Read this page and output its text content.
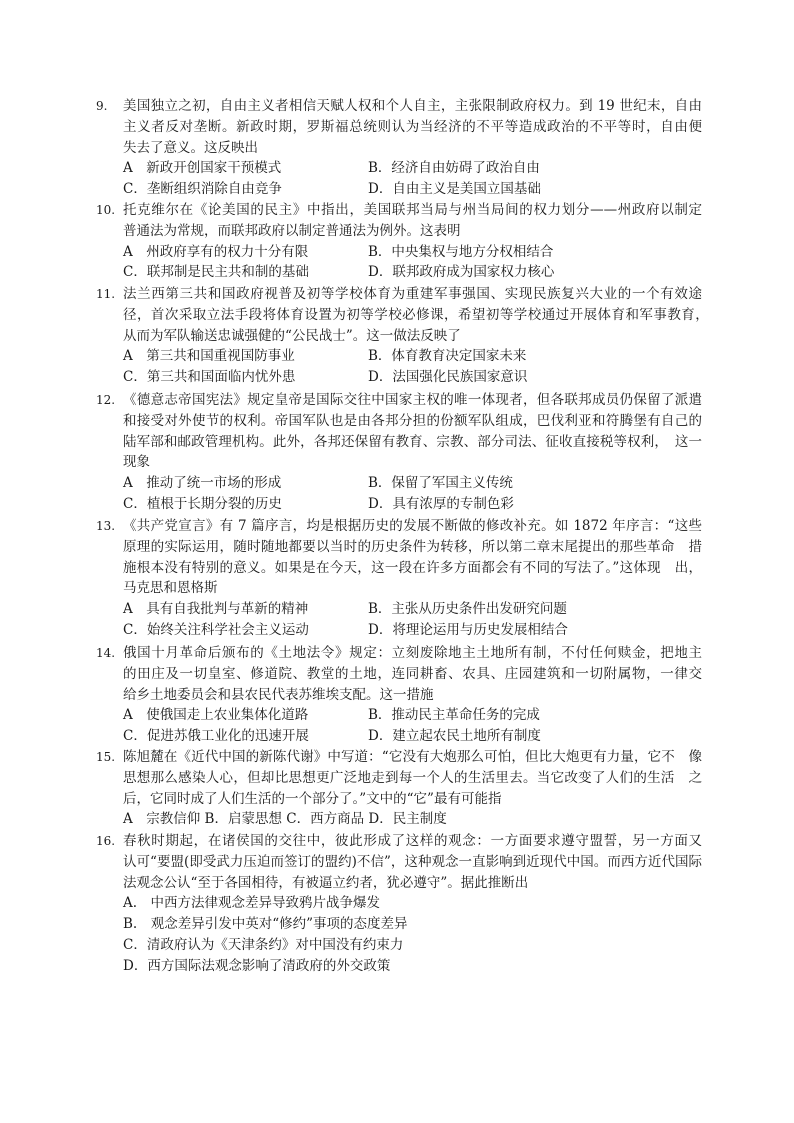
9.	美国独立之初，自由主义者相信天赋人权和个人自主，主张限制政府权力。到 19 世纪末，自由主义者反对垄断。新政时期，罗斯福总统则认为当经济的不平等造成政治的不平等时，自由便　失去了意义。这反映出
A　新政开创国家干预模式	B．经济自由妨碍了政治自由
C．垄断组织消除自由竞争	D．自由主义是美国立国基础
10. 托克维尔在《论美国的民主》中指出，美国联邦当局与州当局间的权力划分——州政府以制定　普通法为常规，而联邦政府以制定普通法为例外。这表明
A　州政府享有的权力十分有限	B．中央集权与地方分权相结合
C．联邦制是民主共和制的基础	D．联邦政府成为国家权力核心
11. 法兰西第三共和国政府视普及初等学校体育为重建军事强国、实现民族复兴大业的一个有效途径，首次采取立法手段将体育设置为初等学校必修课，希望初等学校通过开展体育和军事教育，　从而为军队输送忠诚强健的“公民战士”。这一做法反映了
A　第三共和国重视国防事业	B．体育教育决定国家未来
C．第三共和国面临内忧外患	D．法国强化民族国家意识
12. 《德意志帝国宪法》规定皇帝是国际交往中国家主权的唯一体现者，但各联邦成员仍保留了派遣和接受对外使节的权利。帝国军队也是由各邦分担的份额军队组成，巴伐利亚和符腾堡有自己的陆军部和邮政管理机构。此外，各邦还保留有教育、宗教、部分司法、征收直接税等权利，　这一现象
A　推动了统一市场的形成	B．保留了军国主义传统
C．植根于长期分裂的历史	D．具有浓厚的专制色彩
13. 《共产党宣言》有 7 篇序言，均是根据历史的发展不断做的修改补充。如 1872 年序言：“这些原理的实际运用，随时随地都要以当时的历史条件为转移，所以第二章末尾提出的那些革命　措施根本没有特别的意义。如果是在今天，这一段在许多方面都会有不同的写法了。”这体现　出，马克思和恩格斯
A　具有自我批判与革新的精神	B．主张从历史条件出发研究问题
C．始终关注科学社会主义运动	D．将理论运用与历史发展相结合
14. 俄国十月革命后颁布的《土地法令》规定：立刻废除地主土地所有制，不付任何赎金，把地主　的田庄及一切皇室、修道院、教堂的土地，连同耕畜、农具、庄园建筑和一切附属物，一律交　给乡土地委员会和县农民代表苏维埃支配。这一措施
A　使俄国走上农业集体化道路	B．推动民主革命任务的完成
C．促进苏俄工业化的迅速开展	D．建立起农民土地所有制度
15. 陈旭麓在《近代中国的新陈代谢》中写道：“它没有大炮那么可怕，但比大炮更有力量，它不　像思想那么感染人心，但却比思想更广泛地走到每一个人的生活里去。当它改变了人们的生活　之后，它同时成了人们生活的一个部分了。”文中的“它”最有可能指
A　宗教信仰 B．启蒙思想 C．西方商品 D．民主制度
16. 春秋时期起，在诸侯国的交往中，彼此形成了这样的观念：一方面要求遵守盟誓，另一方面又　认可“要盟(即受武力压迫而签订的盟约)不信”，这种观念一直影响到近现代中国。而西方近代国际法观念公认“至于各国相待，有被逼立约者，犹必遵守”。据此推断出
A.　中西方法律观念差异导致鸦片战争爆发
B.　观念差异引发中英对“修约”事项的态度差异
C．清政府认为《天津条约》对中国没有约束力
D．西方国际法观念影响了清政府的外交政策
